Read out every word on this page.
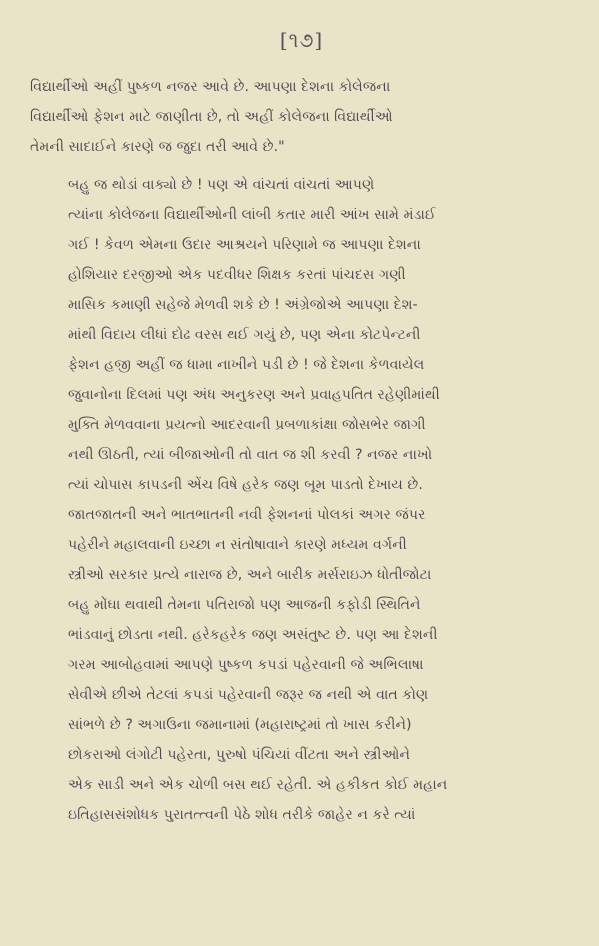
[૧૭]

વિદ્યાર્થીઓ અહીં પુષ્કળ નજર આવે છે. આપણા દેશના કોલેજના
વિદ્યાર્થીઓ ફેશન માટે જાણીતા છે, તો અહીં કોલેજના વિદ્યાર્થીઓ
તેમની સાદાઈને કારણે જ જુદા તરી આવે છે."

બહુ જ થોડાં વાક્યો છે ! પણ એ વાંચતાં વાંચતાં આપણે
ત્યાંના કોલેજના વિદ્યાર્થીઓની લાંબી કતાર મારી આંખ સામે મંડાઈ
ગઈ ! કેવળ એમના ઉદાર આશ્રયને પરિણામે જ આપણા દેશના
હોશિયાર દરજીઓ એક પદવીધર શિક્ષક કરતાં પાંચદસ ગણી
માસિક કમાણી સહેજે મેળવી શકે છે ! અંગ્રેજોએ આપણા દેશ-
માંથી વિદાય લીધાં દોઢ વરસ થઈ ગયું છે, પણ એના કોટપેન્ટની
ફેશન હજી અહીં જ ધામા નાખીને પડી છે ! જે દેશના કેળવાયેલ
જુવાનોના દિલમાં પણ અંધ અનુકરણ અને પ્રવાહપતિત રહેણીમાંથી
મુક્તિ મેળવવાના પ્રયત્નો આદરવાની પ્રબળાકાંક્ષા જોસભેર જાગી
નથી ઊઠતી, ત્યાં બીજાઓની તો વાત જ શી કરવી ? નજર નાખો
ત્યાં ચોપાસ કાપડની એંચ વિષે હરેક જણ બૂમ પાડતો દેખાય છે.
જાતજાતની અને ભાતભાતની નવી ફેશનનાં પોલકાં અગર જંપર
પહેરીને મહાલવાની ઇચ્છા ન સંતોષાવાને કારણે મધ્યમ વર્ગની
સ્ત્રીઓ સરકાર પ્રત્યે નારાજ છે, અને બારીક મર્સરાઇઝ ધોતીજોટા
બહુ મોંઘા થવાથી તેમના પતિરાજો પણ આજની કફોડી સ્થિતિને
ભાંડવાનું છોડતા નથી. હરેકહરેક જણ અસંતુષ્ટ છે. પણ આ દેશની
ગરમ આબોહવામાં આપણે પુષ્કળ કપડાં પહેરવાની જે અભિલાષા
સેવીએ છીએ તેટલાં કપડાં પહેરવાની જરૂર જ નથી એ વાત કોણ
સાંભળે છે ? અગાઉના જમાનામાં (મહારાષ્ટ્રમાં તો ખાસ કરીને)
છોકરાઓ લંગોટી પહેરતા, પુરુષો પંચિયાં વીંટતા અને સ્ત્રીઓને
એક સાડી અને એક ચોળી બસ થઈ રહેતી. એ હકીકત કોઈ મહાન
ઇતિહાસસંશોધક પુરાતત્ત્વની પેઠે શોધ તરીકે જાહેર ન કરે ત્યાં
